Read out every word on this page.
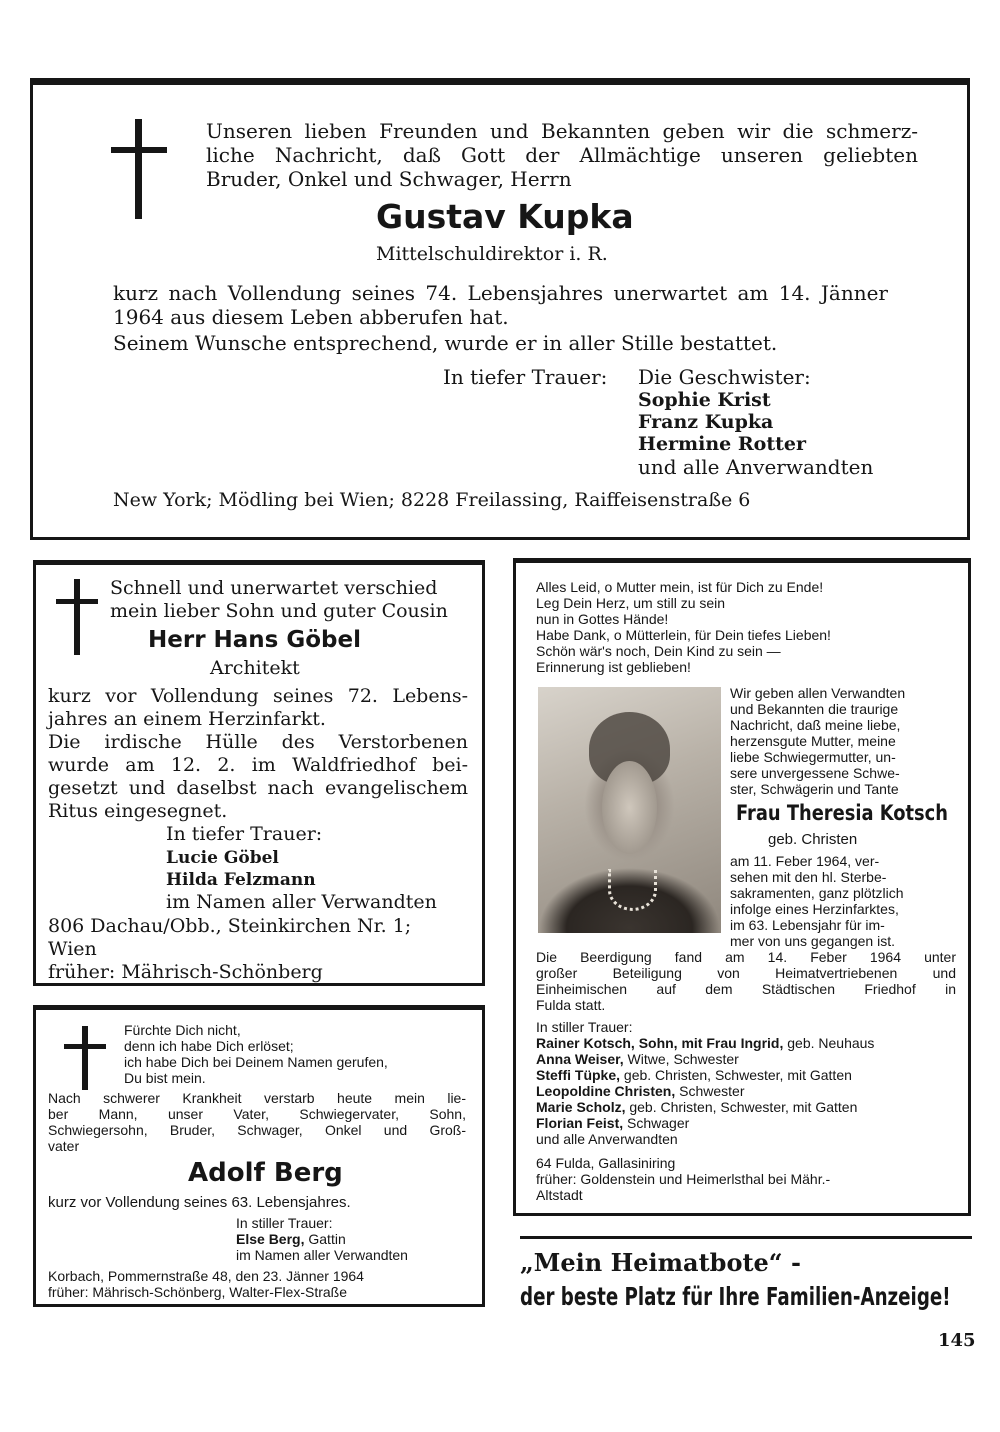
Unseren lieben Freunden und Bekannten geben wir die schmerz-
liche Nachricht, daß Gott der Allmächtige unseren geliebten
Bruder, Onkel und Schwager, Herrn
Gustav Kupka
Mittelschuldirektor i. R.
kurz nach Vollendung seines 74. Lebensjahres unerwartet am 14. Jänner
1964 aus diesem Leben abberufen hat.
Seinem Wunsche entsprechend, wurde er in aller Stille bestattet.
In tiefer Trauer: Die Geschwister:
Sophie Krist
Franz Kupka
Hermine Rotter
und alle Anverwandten
New York; Mödling bei Wien; 8228 Freilassing, Raiffeisenstraße 6
Schnell und unerwartet verschied
mein lieber Sohn und guter Cousin
Herr Hans Göbel
Architekt
kurz vor Vollendung seines 72. Lebens-
jahres an einem Herzinfarkt.
Die irdische Hülle des Verstorbenen
wurde am 12. 2. im Waldfriedhof bei-
gesetzt und daselbst nach evangelischem
Ritus eingesegnet.
In tiefer Trauer:
Lucie Göbel
Hilda Felzmann
im Namen aller Verwandten
806 Dachau/Obb., Steinkirchen Nr. 1;
Wien
früher: Mährisch-Schönberg
Fürchte Dich nicht,
denn ich habe Dich erlöset;
ich habe Dich bei Deinem Namen gerufen,
Du bist mein.
Nach schwerer Krankheit verstarb heute mein lie-
ber Mann, unser Vater, Schwiegervater, Sohn,
Schwiegersohn, Bruder, Schwager, Onkel und Groß-
vater
Adolf Berg
kurz vor Vollendung seines 63. Lebensjahres.
In stiller Trauer:
Else Berg, Gattin
im Namen aller Verwandten
Korbach, Pommernstraße 48, den 23. Jänner 1964
früher: Mährisch-Schönberg, Walter-Flex-Straße
Alles Leid, o Mutter mein, ist für Dich zu Ende!
Leg Dein Herz, um still zu sein
nun in Gottes Hände!
Habe Dank, o Mütterlein, für Dein tiefes Lieben!
Schön wär's noch, Dein Kind zu sein —
Erinnerung ist geblieben!
Wir geben allen Verwandten
und Bekannten die traurige
Nachricht, daß meine liebe,
herzensgute Mutter, meine
liebe Schwiegermutter, un-
sere unvergessene Schwe-
ster, Schwägerin und Tante
Frau Theresia Kotsch
geb. Christen
am 11. Feber 1964, ver-
sehen mit den hl. Sterbe-
sakramenten, ganz plötzlich
infolge eines Herzinfarktes,
im 63. Lebensjahr für im-
mer von uns gegangen ist.
Die Beerdigung fand am 14. Feber 1964 unter
großer Beteiligung von Heimatvertriebenen und
Einheimischen auf dem Städtischen Friedhof in
Fulda statt.
In stiller Trauer:
Rainer Kotsch, Sohn, mit Frau Ingrid, geb. Neuhaus
Anna Weiser, Witwe, Schwester
Steffi Tüpke, geb. Christen, Schwester, mit Gatten
Leopoldine Christen, Schwester
Marie Scholz, geb. Christen, Schwester, mit Gatten
Florian Feist, Schwager
und alle Anverwandten
64 Fulda, Gallasiniring
früher: Goldenstein und Heimerlsthal bei Mähr.-
Altstadt
„Mein Heimatbote“ -
der beste Platz für Ihre Familien-Anzeige!
145
